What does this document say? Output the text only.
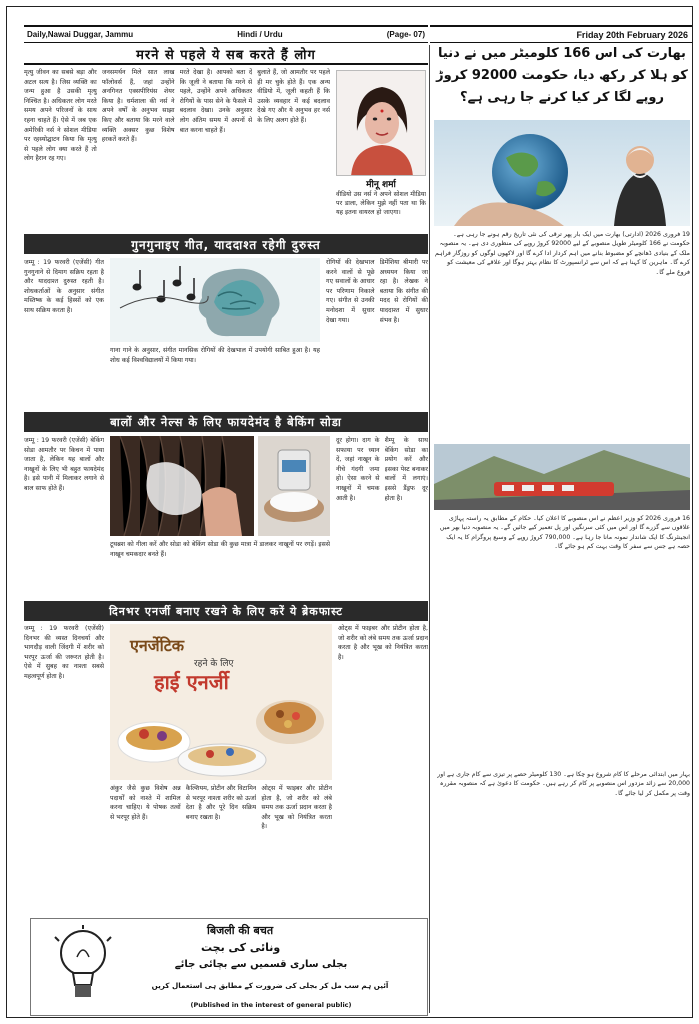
Daily,Nawai Duggar, Jammu	Hindi / Urdu	(Page- 07)	Friday 20th February 2026
मरने से पहले ये सब करते हैं लोग
मृत्यु जीवन का सबसे बड़ा और अटल सत्य है। जिस व्यक्ति का जन्म हुआ है उसकी मृत्यु निश्चित है। अधिकतर लोग मरते समय अपने परिजनों के साथ रहना चाहते हैं। ऐसे में जब एक अमेरिकी नर्स ने सोशल मीडिया पर रहस्योद्घाटन किया कि मृत्यु से पहले लोग क्या करते हैं तो लोग हैरान रह गए।
जनसमर्थन मिले सात लाख फॉलोवर्स हैं, जहां उन्होंने अनगिनत एक्सपीरियंस शेयर किया है। धर्मशाला की नर्स ने अपने वर्षों के अनुभव साझा किए और बताया कि मरने वाले व्यक्ति अक्सर कुछ विशेष हरकतें करते हैं।
मरते देखा है। आपको बता दें कि जूली ने बताया कि मरने से पहले, उन्होंने अपने अधिकतर रोगियों के पास सेने के फैसले में बदलाव देखा। उनके अनुसार लोग अंतिम समय में अपनों से बात करना चाहते हैं।
बुलाते हैं, जो आमतौर पर पहले ही मर चुके होते हैं। एक अन्य वीडियो में, जूली कहती हैं कि उसके व्यवहार में कई बदलाव देखे गए और ये अनुभव हर नर्स के लिए अलग होते हैं।
मीनू शर्मा
वीडियो उस नर्स ने अपने सोशल मीडिया पर डाला, लेकिन मुझे नहीं पता था कि यह इतना वायरल हो जाएगा।
गुनगुनाइए गीत, याददाश्त रहेगी दुरुस्त
जम्मू : 19 फरवरी (एजेंसी) गीत गुनगुनाने से दिमाग सक्रिय रहता है और याददाश्त दुरुस्त रहती है। शोधकर्ताओं के अनुसार संगीत मस्तिष्क के कई हिस्सों को एक साथ सक्रिय करता है।
गाना गाने के अनुसार, संगीत मानसिक रोगियों की देखभाल में उपयोगी साबित हुआ है। यह शोध कई विश्वविद्यालयों में किया गया।
रोगियों की देखभाल करने वालों से पूछे गए सवालों के आधार पर परिणाम निकाले गए। संगीत से उनकी मनोदशा में सुधार देखा गया।
डिमेंशिया बीमारी पर अध्ययन किया जा रहा है। लेखक ने बताया कि संगीत की मदद से रोगियों की याददाश्त में सुधार संभव है।
बालों और नेल्स के लिए फायदेमंद है बेकिंग सोडा
जम्मू : 19 फरवरी (एजेंसी) बेकिंग सोडा आमतौर पर किचन में पाया जाता है, लेकिन यह बालों और नाखूनों के लिए भी बहुत फायदेमंद है। इसे पानी में मिलाकर लगाने से बाल साफ होते हैं।
टूथब्रश को गीला करें और सोडा को बेकिंग सोडा की कुछ मात्रा में डालकर नाखूनों पर रगड़ें। इससे नाखून चमकदार बनते हैं।
दूर होगा। दाग के सफाया पर ध्यान दें, जहां नाखून के नीचे गंदगी जमा हो। ऐसा करने से नाखूनों में चमक आती है।
शैम्पू के साथ बेकिंग सोडा का प्रयोग करें और इसका पेस्ट बनाकर बालों में लगाएं। इससे डैंड्रफ दूर होता है।
दिनभर एनर्जी बनाए रखने के लिए करें ये ब्रेकफास्ट
जम्मू : 19 फरवरी (एजेंसी) दिनभर की व्यस्त दिनचर्या और भागदौड़ वाली जिंदगी में शरीर को भरपूर ऊर्जा की जरूरत होती है। ऐसे में सुबह का नाश्ता सबसे महत्वपूर्ण होता है।
एनर्जेटिक
रहने के लिए
हाई एनर्जी
अंकुर जैसे कुछ विशेष अन्न पदार्थों को नाश्ते में शामिल करना चाहिए। ये पोषक तत्वों से भरपूर होते हैं।
कैल्शियम, प्रोटीन और विटामिन से भरपूर नाश्ता शरीर को ऊर्जा देता है और पूरे दिन सक्रिय बनाए रखता है।
ओट्स में फाइबर और प्रोटीन होता है, जो शरीर को लंबे समय तक ऊर्जा प्रदान करता है और भूख को नियंत्रित करता है।
ओट्स में फाइबर और प्रोटीन होता है, जो शरीर को लंबे समय तक ऊर्जा प्रदान करता है और भूख को नियंत्रित करता है।
بھارت کی اس 166 کلومیٹر میں نے دنیا
کو ہلا کر رکھ دیا، حکومت 92000 کروڑ
روپے لگا کر کیا کرنے جا رہی ہے؟
19 فروری 2026 (ادارتی) بھارت میں ایک بار پھر ترقی کی نئی تاریخ رقم ہونے جا رہی ہے۔ حکومت نے 166 کلومیٹر طویل منصوبے کے لیے 92000 کروڑ روپے کی منظوری دی ہے۔ یہ منصوبہ ملک کے بنیادی ڈھانچے کو مضبوط بنانے میں اہم کردار ادا کرے گا اور لاکھوں لوگوں کو روزگار فراہم کرے گا۔ ماہرین کا کہنا ہے کہ اس سے ٹرانسپورٹ کا نظام بہتر ہوگا اور علاقے کی معیشت کو فروغ ملے گا۔
16 فروری 2026 کو وزیر اعظم نے اس منصوبے کا اعلان کیا۔ حکام کے مطابق یہ راستہ پہاڑی علاقوں سے گزرے گا اور اس میں کئی سرنگیں اور پل تعمیر کیے جائیں گے۔ یہ منصوبہ دنیا بھر میں انجینئرنگ کا ایک شاندار نمونہ مانا جا رہا ہے۔ 790,000 کروڑ روپے کے وسیع پروگرام کا یہ ایک حصہ ہے جس سے سفر کا وقت بہت کم ہو جائے گا۔
بہار میں ابتدائی مرحلے کا کام شروع ہو چکا ہے۔ 130 کلومیٹر حصے پر تیزی سے کام جاری ہے اور 20,000 سے زائد مزدور اس منصوبے پر کام کر رہے ہیں۔ حکومت کا دعویٰ ہے کہ منصوبہ مقررہ وقت پر مکمل کر لیا جائے گا۔
बिजली की बचत
ونائی کی بچت
بجلی ساری قسمیں سے بچائی جائے
آئیں ہم سب مل کر بجلی کی ضرورت کے مطابق ہی استعمال کریں
(Published in the interest of general public)
